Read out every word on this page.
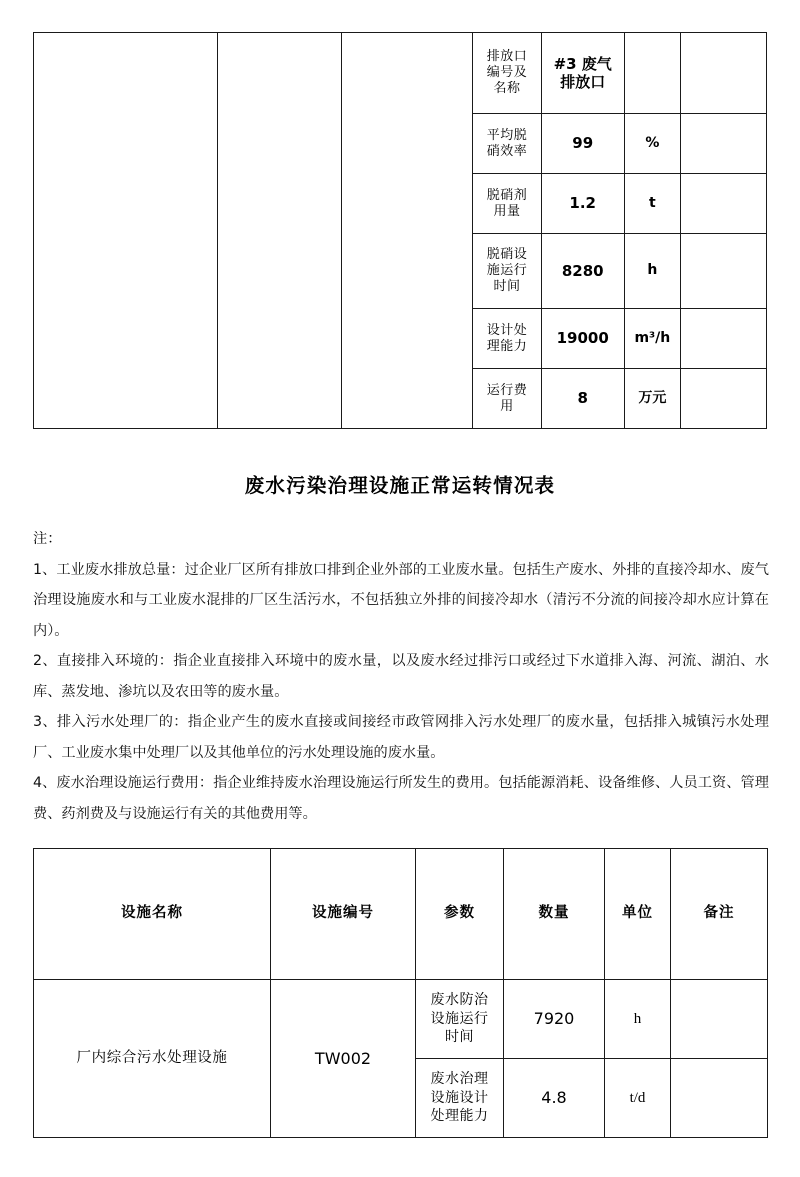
			排放口
编号及
名称	#3 废气
排放口		
			平均脱
硝效率	99	%	
			脱硝剂
用量	1.2	t	
			脱硝设
施运行
时间	8280	h	
			设计处
理能力	19000	m³/h	
			运行费
用	8	万元	
废水污染治理设施正常运转情况表
注：
1、工业废水排放总量：过企业厂区所有排放口排到企业外部的工业废水量。包括生产废水、外排的直接冷却水、废气治理设施废水和与工业废水混排的厂区生活污水，不包括独立外排的间接冷却水（清污不分流的间接冷却水应计算在内）。
2、直接排入环境的：指企业直接排入环境中的废水量，以及废水经过排污口或经过下水道排入海、河流、湖泊、水库、蒸发地、渗坑以及农田等的废水量。
3、排入污水处理厂的：指企业产生的废水直接或间接经市政管网排入污水处理厂的废水量，包括排入城镇污水处理厂、工业废水集中处理厂以及其他单位的污水处理设施的废水量。
4、废水治理设施运行费用：指企业维持废水治理设施运行所发生的费用。包括能源消耗、设备维修、人员工资、管理费、药剂费及与设施运行有关的其他费用等。
设施名称	设施编号	参数	数量	单位	备注
厂内综合污水处理设施	TW002	废水防治
设施运行
时间	7920	h	
		废水治理
设施设计
处理能力	4.8	t/d	
